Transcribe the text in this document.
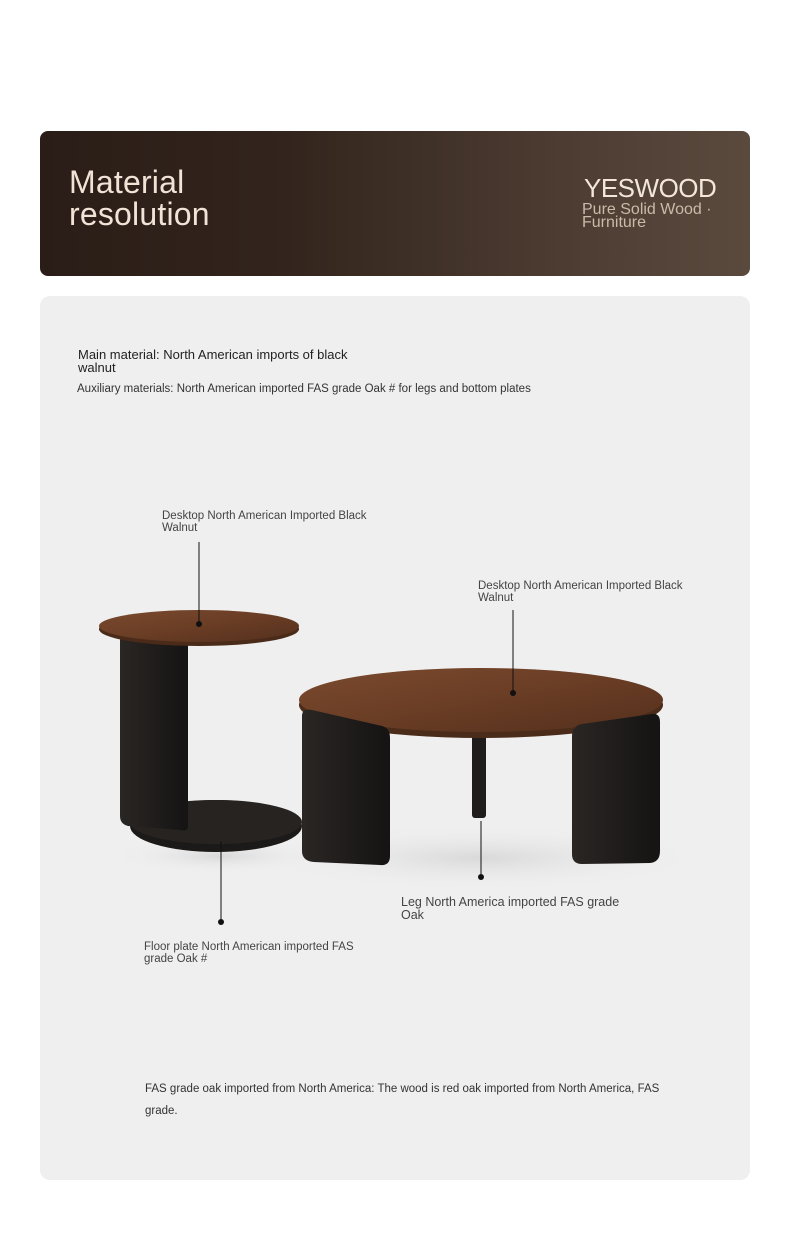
Material resolution
YESWOOD
Pure Solid Wood · Furniture
Main material: North American imports of black walnut
Auxiliary materials: North American imported FAS grade Oak # for legs and bottom plates
Desktop North American Imported Black Walnut
Desktop North American Imported Black Walnut
Leg North America imported FAS grade Oak
Floor plate North American imported FAS grade Oak #
FAS grade oak imported from North America: The wood is red oak imported from North America, FAS grade.
